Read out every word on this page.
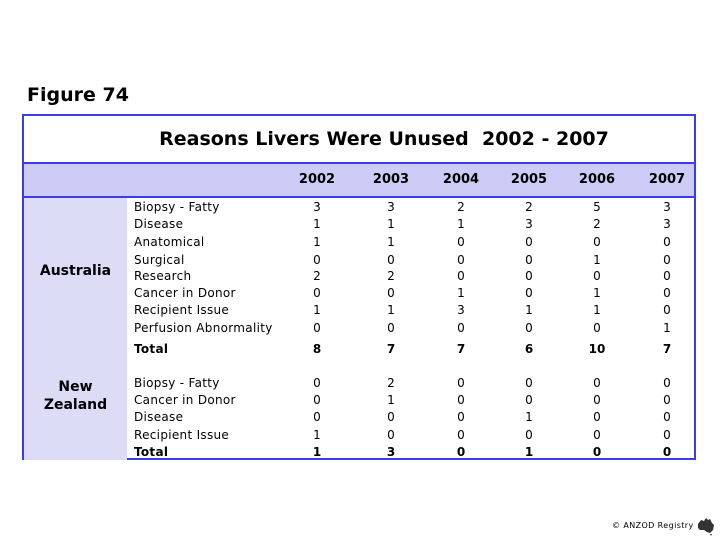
Figure 74
Reasons Livers Were Unused  2002 - 2007
2002	2003	2004	2005	2006	2007
Australia
Biopsy - Fatty	3	3	2	2	5	3
Disease	1	1	1	3	2	3
Anatomical	1	1	0	0	0	0
Surgical	0	0	0	0	1	0
Research	2	2	0	0	0	0
Cancer in Donor	0	0	1	0	1	0
Recipient Issue	1	1	3	1	1	0
Perfusion Abnormality	0	0	0	0	0	1
Total	8	7	7	6	10	7
New Zealand
Biopsy - Fatty	0	2	0	0	0	0
Cancer in Donor	0	1	0	0	0	0
Disease	0	0	0	1	0	0
Recipient Issue	1	0	0	0	0	0
Total	1	3	0	1	0	0
© ANZOD Registry
